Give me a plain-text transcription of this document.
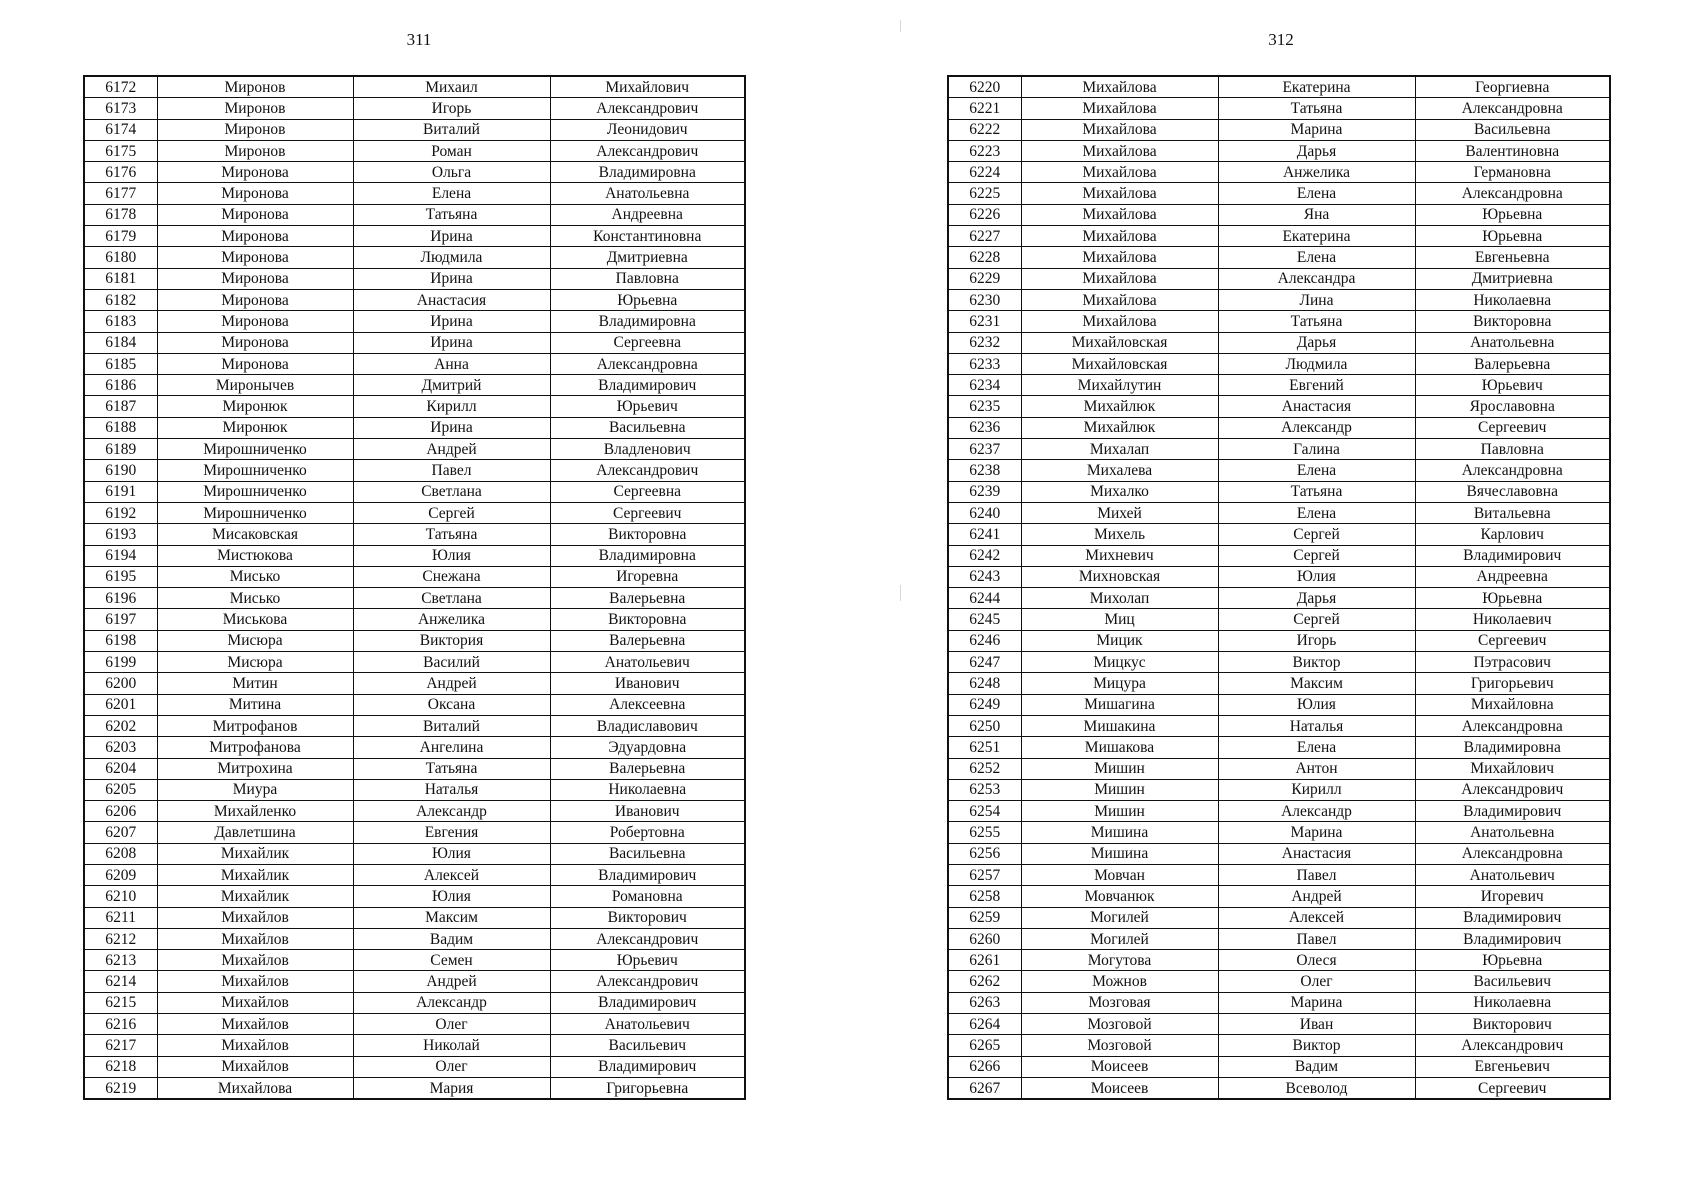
311	312
6172	Миронов	Михаил	Михайлович
6173	Миронов	Игорь	Александрович
6174	Миронов	Виталий	Леонидович
6175	Миронов	Роман	Александрович
6176	Миронова	Ольга	Владимировна
6177	Миронова	Елена	Анатольевна
6178	Миронова	Татьяна	Андреевна
6179	Миронова	Ирина	Константиновна
6180	Миронова	Людмила	Дмитриевна
6181	Миронова	Ирина	Павловна
6182	Миронова	Анастасия	Юрьевна
6183	Миронова	Ирина	Владимировна
6184	Миронова	Ирина	Сергеевна
6185	Миронова	Анна	Александровна
6186	Миронычев	Дмитрий	Владимирович
6187	Миронюк	Кирилл	Юрьевич
6188	Миронюк	Ирина	Васильевна
6189	Мирошниченко	Андрей	Владленович
6190	Мирошниченко	Павел	Александрович
6191	Мирошниченко	Светлана	Сергеевна
6192	Мирошниченко	Сергей	Сергеевич
6193	Мисаковская	Татьяна	Викторовна
6194	Мистюкова	Юлия	Владимировна
6195	Мисько	Снежана	Игоревна
6196	Мисько	Светлана	Валерьевна
6197	Миськова	Анжелика	Викторовна
6198	Мисюра	Виктория	Валерьевна
6199	Мисюра	Василий	Анатольевич
6200	Митин	Андрей	Иванович
6201	Митина	Оксана	Алексеевна
6202	Митрофанов	Виталий	Владиславович
6203	Митрофанова	Ангелина	Эдуардовна
6204	Митрохина	Татьяна	Валерьевна
6205	Миура	Наталья	Николаевна
6206	Михайленко	Александр	Иванович
6207	Давлетшина	Евгения	Робертовна
6208	Михайлик	Юлия	Васильевна
6209	Михайлик	Алексей	Владимирович
6210	Михайлик	Юлия	Романовна
6211	Михайлов	Максим	Викторович
6212	Михайлов	Вадим	Александрович
6213	Михайлов	Семен	Юрьевич
6214	Михайлов	Андрей	Александрович
6215	Михайлов	Александр	Владимирович
6216	Михайлов	Олег	Анатольевич
6217	Михайлов	Николай	Васильевич
6218	Михайлов	Олег	Владимирович
6219	Михайлова	Мария	Григорьевна
6220	Михайлова	Екатерина	Георгиевна
6221	Михайлова	Татьяна	Александровна
6222	Михайлова	Марина	Васильевна
6223	Михайлова	Дарья	Валентиновна
6224	Михайлова	Анжелика	Германовна
6225	Михайлова	Елена	Александровна
6226	Михайлова	Яна	Юрьевна
6227	Михайлова	Екатерина	Юрьевна
6228	Михайлова	Елена	Евгеньевна
6229	Михайлова	Александра	Дмитриевна
6230	Михайлова	Лина	Николаевна
6231	Михайлова	Татьяна	Викторовна
6232	Михайловская	Дарья	Анатольевна
6233	Михайловская	Людмила	Валерьевна
6234	Михайлутин	Евгений	Юрьевич
6235	Михайлюк	Анастасия	Ярославовна
6236	Михайлюк	Александр	Сергеевич
6237	Михалап	Галина	Павловна
6238	Михалева	Елена	Александровна
6239	Михалко	Татьяна	Вячеславовна
6240	Михей	Елена	Витальевна
6241	Михель	Сергей	Карлович
6242	Михневич	Сергей	Владимирович
6243	Михновская	Юлия	Андреевна
6244	Михолап	Дарья	Юрьевна
6245	Миц	Сергей	Николаевич
6246	Мицик	Игорь	Сергеевич
6247	Мицкус	Виктор	Пэтрасович
6248	Мицура	Максим	Григорьевич
6249	Мишагина	Юлия	Михайловна
6250	Мишакина	Наталья	Александровна
6251	Мишакова	Елена	Владимировна
6252	Мишин	Антон	Михайлович
6253	Мишин	Кирилл	Александрович
6254	Мишин	Александр	Владимирович
6255	Мишина	Марина	Анатольевна
6256	Мишина	Анастасия	Александровна
6257	Мовчан	Павел	Анатольевич
6258	Мовчанюк	Андрей	Игоревич
6259	Могилей	Алексей	Владимирович
6260	Могилей	Павел	Владимирович
6261	Могутова	Олеся	Юрьевна
6262	Можнов	Олег	Васильевич
6263	Мозговая	Марина	Николаевна
6264	Мозговой	Иван	Викторович
6265	Мозговой	Виктор	Александрович
6266	Моисеев	Вадим	Евгеньевич
6267	Моисеев	Всеволод	Сергеевич
